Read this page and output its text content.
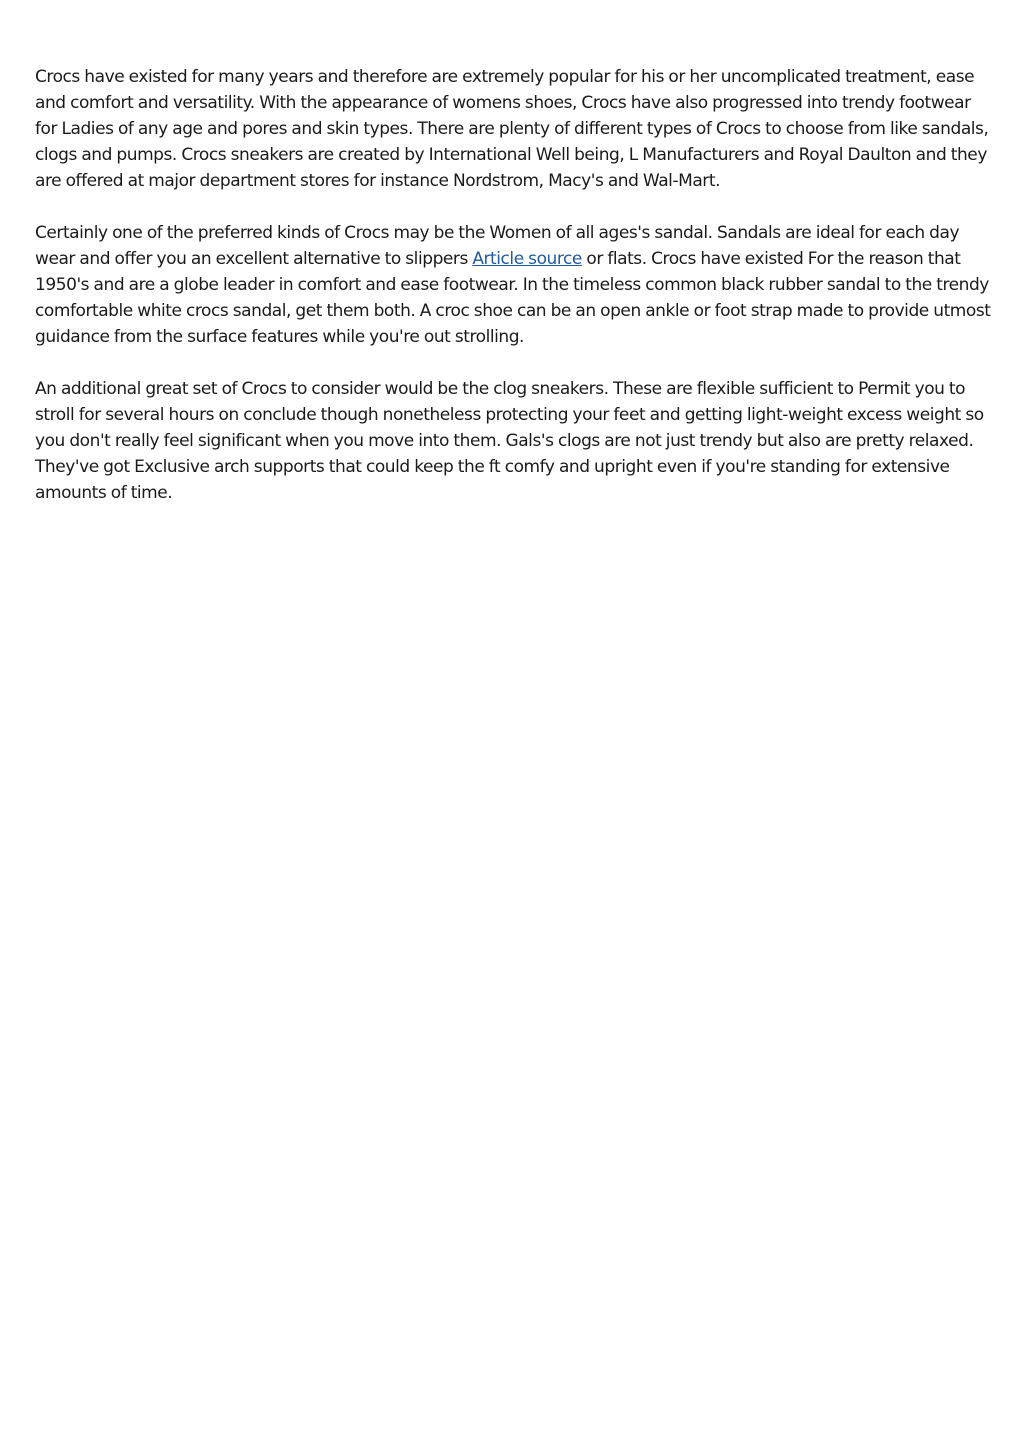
Crocs have existed for many years and therefore are extremely popular for his or her uncomplicated treatment, ease and comfort and versatility. With the appearance of womens shoes, Crocs have also progressed into trendy footwear for Ladies of any age and pores and skin types. There are plenty of different types of Crocs to choose from like sandals, clogs and pumps. Crocs sneakers are created by International Well being, L Manufacturers and Royal Daulton and they are offered at major department stores for instance Nordstrom, Macy's and Wal-Mart.

Certainly one of the preferred kinds of Crocs may be the Women of all ages's sandal. Sandals are ideal for each day wear and offer you an excellent alternative to slippers Article source or flats. Crocs have existed For the reason that 1950's and are a globe leader in comfort and ease footwear. In the timeless common black rubber sandal to the trendy comfortable white crocs sandal, get them both. A croc shoe can be an open ankle or foot strap made to provide utmost guidance from the surface features while you're out strolling.

An additional great set of Crocs to consider would be the clog sneakers. These are flexible sufficient to Permit you to stroll for several hours on conclude though nonetheless protecting your feet and getting light-weight excess weight so you don't really feel significant when you move into them. Gals's clogs are not just trendy but also are pretty relaxed. They've got Exclusive arch supports that could keep the ft comfy and upright even if you're standing for extensive amounts of time.
